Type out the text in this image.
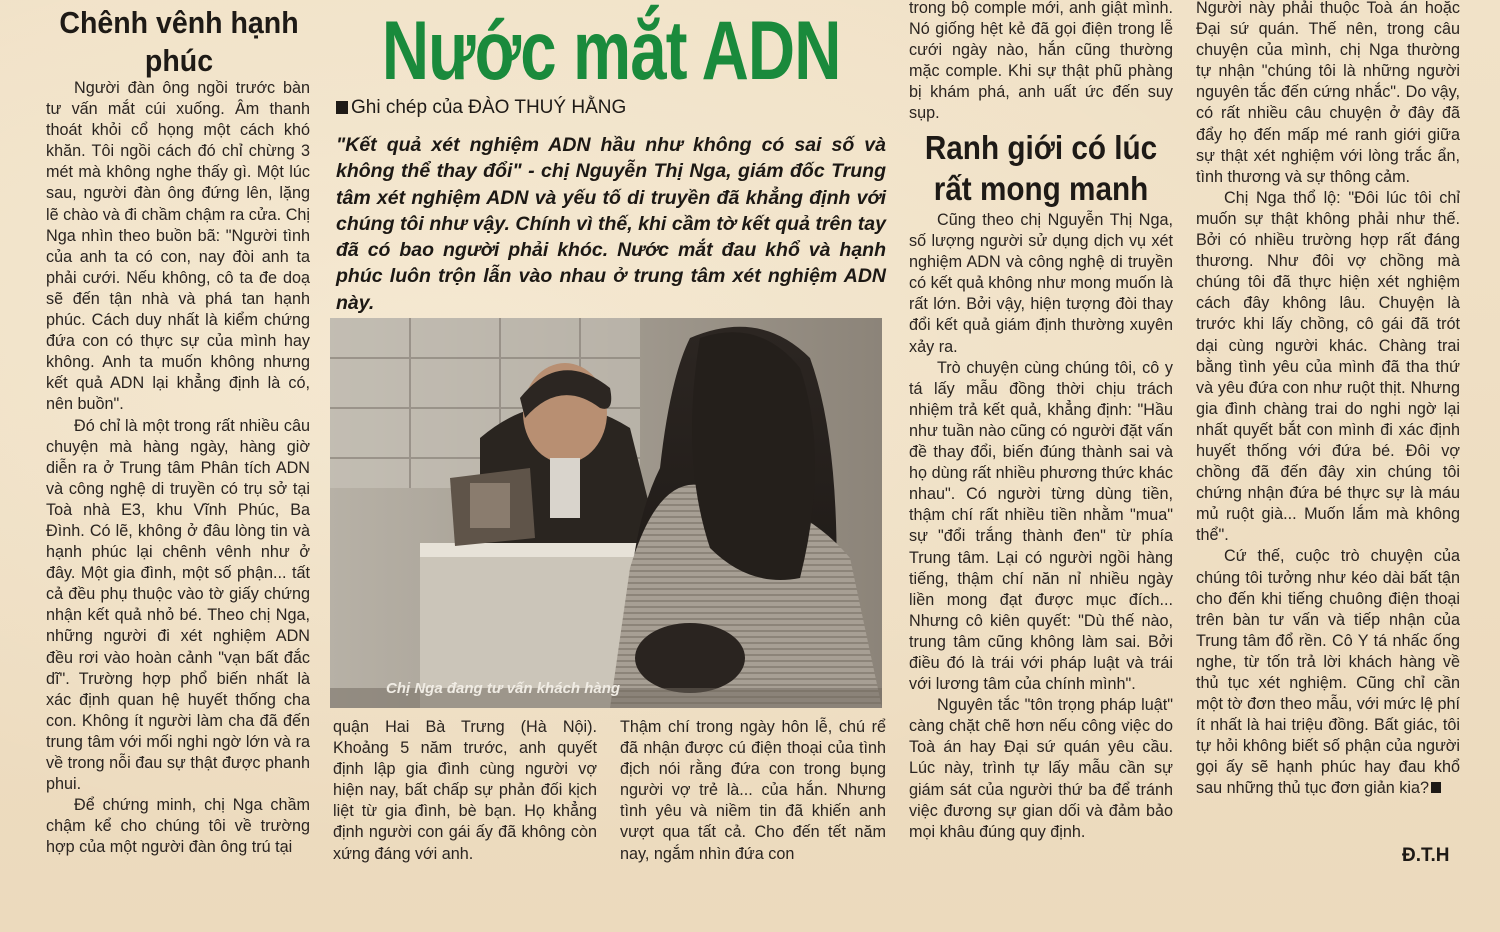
Chênh vênh hạnh phúc	Nước mắt ADN

Ghi chép của ĐÀO THUÝ HẰNG

"Kết quả xét nghiệm ADN hầu như không có sai số và không thể thay đổi" - chị Nguyễn Thị Nga, giám đốc Trung tâm xét nghiệm ADN và yếu tố di truyền đã khẳng định với chúng tôi như vậy. Chính vì thế, khi cầm tờ kết quả trên tay đã có bao người phải khóc. Nước mắt đau khổ và hạnh phúc luôn trộn lẫn vào nhau ở trung tâm xét nghiệm ADN này.

Người đàn ông ngồi trước bàn tư vấn mắt cúi xuống. Âm thanh thoát khỏi cổ họng một cách khó khăn. Tôi ngồi cách đó chỉ chừng 3 mét mà không nghe thấy gì. Một lúc sau, người đàn ông đứng lên, lặng lẽ chào và đi chầm chậm ra cửa. Chị Nga nhìn theo buồn bã: "Người tình của anh ta có con, nay đòi anh ta phải cưới. Nếu không, cô ta đe doạ sẽ đến tận nhà và phá tan hạnh phúc. Cách duy nhất là kiểm chứng đứa con có thực sự của mình hay không. Anh ta muốn không nhưng kết quả ADN lại khẳng định là có, nên buồn".

Đó chỉ là một trong rất nhiều câu chuyện mà hàng ngày, hàng giờ diễn ra ở Trung tâm Phân tích ADN và công nghệ di truyền có trụ sở tại Toà nhà E3, khu Vĩnh Phúc, Ba Đình. Có lẽ, không ở đâu lòng tin và hạnh phúc lại chênh vênh như ở đây. Một gia đình, một số phận... tất cả đều phụ thuộc vào tờ giấy chứng nhận kết quả nhỏ bé. Theo chị Nga, những người đi xét nghiệm ADN đều rơi vào hoàn cảnh "vạn bất đắc dĩ". Trường hợp phổ biến nhất là xác định quan hệ huyết thống cha con. Không ít người làm cha đã đến trung tâm với mối nghi ngờ lớn và ra về trong nỗi đau sự thật được phanh phui.

Để chứng minh, chị Nga chầm chậm kể cho chúng tôi về trường hợp của một người đàn ông trú tại

Chị Nga đang tư vấn khách hàng

quận Hai Bà Trưng (Hà Nội). Khoảng 5 năm trước, anh quyết định lập gia đình cùng người vợ hiện nay, bất chấp sự phản đối kịch liệt từ gia đình, bè bạn. Họ khẳng định người con gái ấy đã không còn xứng đáng với anh.

Thậm chí trong ngày hôn lễ, chú rể đã nhận được cú điện thoại của tình địch nói rằng đứa con trong bụng người vợ trẻ là... của hắn. Nhưng tình yêu và niềm tin đã khiến anh vượt qua tất cả. Cho đến tết năm nay, ngắm nhìn đứa con

trong bộ comple mới, anh giật mình. Nó giống hệt kẻ đã gọi điện trong lễ cưới ngày nào, hắn cũng thường mặc comple. Khi sự thật phũ phàng bị khám phá, anh uất ức đến suy sụp.

Ranh giới có lúc rất mong manh

Cũng theo chị Nguyễn Thị Nga, số lượng người sử dụng dịch vụ xét nghiệm ADN và công nghệ di truyền có kết quả không như mong muốn là rất lớn. Bởi vậy, hiện tượng đòi thay đổi kết quả giám định thường xuyên xảy ra.

Trò chuyện cùng chúng tôi, cô y tá lấy mẫu đồng thời chịu trách nhiệm trả kết quả, khẳng định: "Hầu như tuần nào cũng có người đặt vấn đề thay đổi, biến đúng thành sai và họ dùng rất nhiều phương thức khác nhau". Có người từng dùng tiền, thậm chí rất nhiều tiền nhằm "mua" sự "đổi trắng thành đen" từ phía Trung tâm. Lại có người ngồi hàng tiếng, thậm chí năn nỉ nhiều ngày liền mong đạt được mục đích... Nhưng cô kiên quyết: "Dù thế nào, trung tâm cũng không làm sai. Bởi điều đó là trái với pháp luật và trái với lương tâm của chính mình".

Nguyên tắc "tôn trọng pháp luật" càng chặt chẽ hơn nếu công việc do Toà án hay Đại sứ quán yêu cầu. Lúc này, trình tự lấy mẫu cần sự giám sát của người thứ ba để tránh việc đương sự gian dối và đảm bảo mọi khâu đúng quy định.

Người này phải thuộc Toà án hoặc Đại sứ quán. Thế nên, trong câu chuyện của mình, chị Nga thường tự nhận "chúng tôi là những người nguyên tắc đến cứng nhắc". Do vậy, có rất nhiều câu chuyện ở đây đã đẩy họ đến mấp mé ranh giới giữa sự thật xét nghiệm với lòng trắc ẩn, tình thương và sự thông cảm.

Chị Nga thổ lộ: "Đôi lúc tôi chỉ muốn sự thật không phải như thế. Bởi có nhiều trường hợp rất đáng thương. Như đôi vợ chồng mà chúng tôi đã thực hiện xét nghiệm cách đây không lâu. Chuyện là trước khi lấy chồng, cô gái đã trót dại cùng người khác. Chàng trai bằng tình yêu của mình đã tha thứ và yêu đứa con như ruột thịt. Nhưng gia đình chàng trai do nghi ngờ lại nhất quyết bắt con mình đi xác định huyết thống với đứa bé. Đôi vợ chồng đã đến đây xin chúng tôi chứng nhận đứa bé thực sự là máu mủ ruột già... Muốn lắm mà không thể".

Cứ thế, cuộc trò chuyện của chúng tôi tưởng như kéo dài bất tận cho đến khi tiếng chuông điện thoại trên bàn tư vấn và tiếp nhận của Trung tâm đổ rền. Cô Y tá nhấc ống nghe, từ tốn trả lời khách hàng về thủ tục xét nghiệm. Cũng chỉ cần một tờ đơn theo mẫu, với mức lệ phí ít nhất là hai triệu đồng. Bất giác, tôi tự hỏi không biết số phận của người gọi ấy sẽ hạnh phúc hay đau khổ sau những thủ tục đơn giản kia?

Đ.T.H
